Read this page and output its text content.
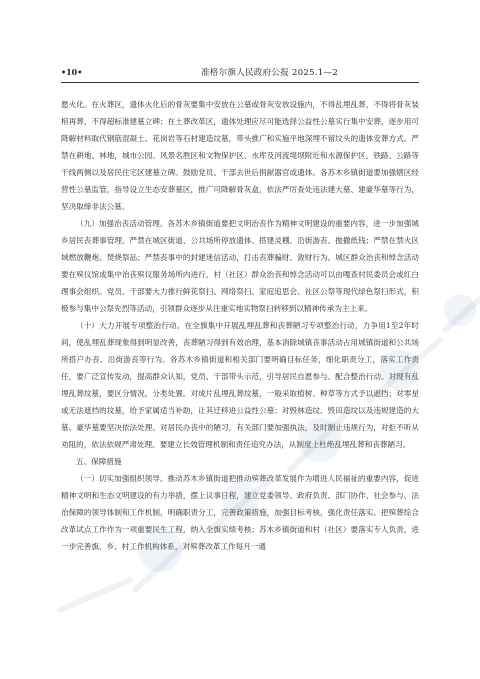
•10•	准格尔旗人民政府公报 2025.1—2

愿火化。在火葬区，遗体火化后的骨灰要集中安放在公墓或骨灰安放设施内，不得乱埋乱葬，不得将骨灰装棺再葬，不得超标准建墓立碑；在土葬改革区，遗体处理应尽可能选择公益性公墓实行集中安葬，逐步用可降解材料取代钢筋混凝土、花岗岩等石材建造坟墓，带头推广和实施平地深埋不留坟头的遗体安葬方式。严禁在耕地、林地，城市公园、风景名胜区和文物保护区、水库及河流堤坝附近和水源保护区，铁路、公路等干线两侧以及居民住宅区建墓立碑。鼓励党员、干部去世后捐献器官或遗体。各苏木乡镇街道要加强辖区经营性公墓监管，指导设立生态安葬墓区，推广可降解骨灰盒，依法严厉查处违法建大墓、建豪华墓等行为，坚决取缔非法公墓。

（九）加强治丧活动管理。各苏木乡镇街道要把文明治丧作为精神文明建设的重要内容，进一步加强城乡居民丧葬事管理。严禁在城区街道、公共场所停放遗体、搭建灵棚、沿街游丧、抛撒纸钱；严禁在禁火区域燃放鞭炮、焚烧祭品；严禁丧事中的封建迷信活动，打击丧葬骗财、敛财行为。城区群众治丧和悼念活动要在殡仪馆或集中治丧殡仪服务场所内进行，村（社区）群众治丧和悼念活动可以由嘎查村民委员会或红白理事会组织。党员、干部要大力推行鲜花祭扫、网络祭扫、家庭追思会、社区公祭等现代绿色祭扫形式，积极参与集中公祭先烈等活动，引领群众逐步从注重实地实物祭扫转移到以精神传承为主上来。

（十）大力开展专项整治行动。在全旗集中开展乱埋乱葬和丧葬陋习专项整治行动，力争用1至2年时间，使乱埋乱葬现象得到明显改善，丧葬陋习得到有效治理，基本消除城镇丧事活动占用城镇街道和公共场所搭户办丧、沿街游丧等行为。各苏木乡镇街道和相关部门要明确目标任务，细化职责分工，落实工作责任，要广泛宣传发动，提高群众认知，党员、干部带头示范，引导居民自愿参与、配合整治行动。对现有乱埋乱葬坟墓，要区分情况，分类处置。对成片乱埋乱葬坟墓，一般采取植树、种草等方式予以遮挡；对零星或无法遮挡的坟墓，给予家属适当补助，让其迁移进公益性公墓；对毁林造坟、毁田造坟以及违规建造的大墓、豪华墓要坚决依法处理。对居民办丧中的陋习，有关部门要加强执法，及时制止违规行为，对拒不听从劝阻的，依法依规严肃处理。要建立长效管理机制和责任追究办法，从制度上杜绝乱埋乱葬和丧葬陋习。

五、保障措施

（一）切实加强组织领导。推动苏木乡镇街道把推动殡葬改革发展作为增进人民福祉的重要内容，促进精神文明和生态文明建设的有力举措，摆上议事日程，建立党委领导、政府负责、部门协作、社会参与、法治保障的领导体制和工作机制，明确职责分工，完善政策措施，加强目标考核，强化责任落实。把殡葬综合改革试点工作作为一项重要民生工程，纳入全旗实绩考核；苏木乡镇街道和村（社区）要落实专人负责，进一步完善旗、乡、村工作机构体系，对殡葬改革工作每月一通
